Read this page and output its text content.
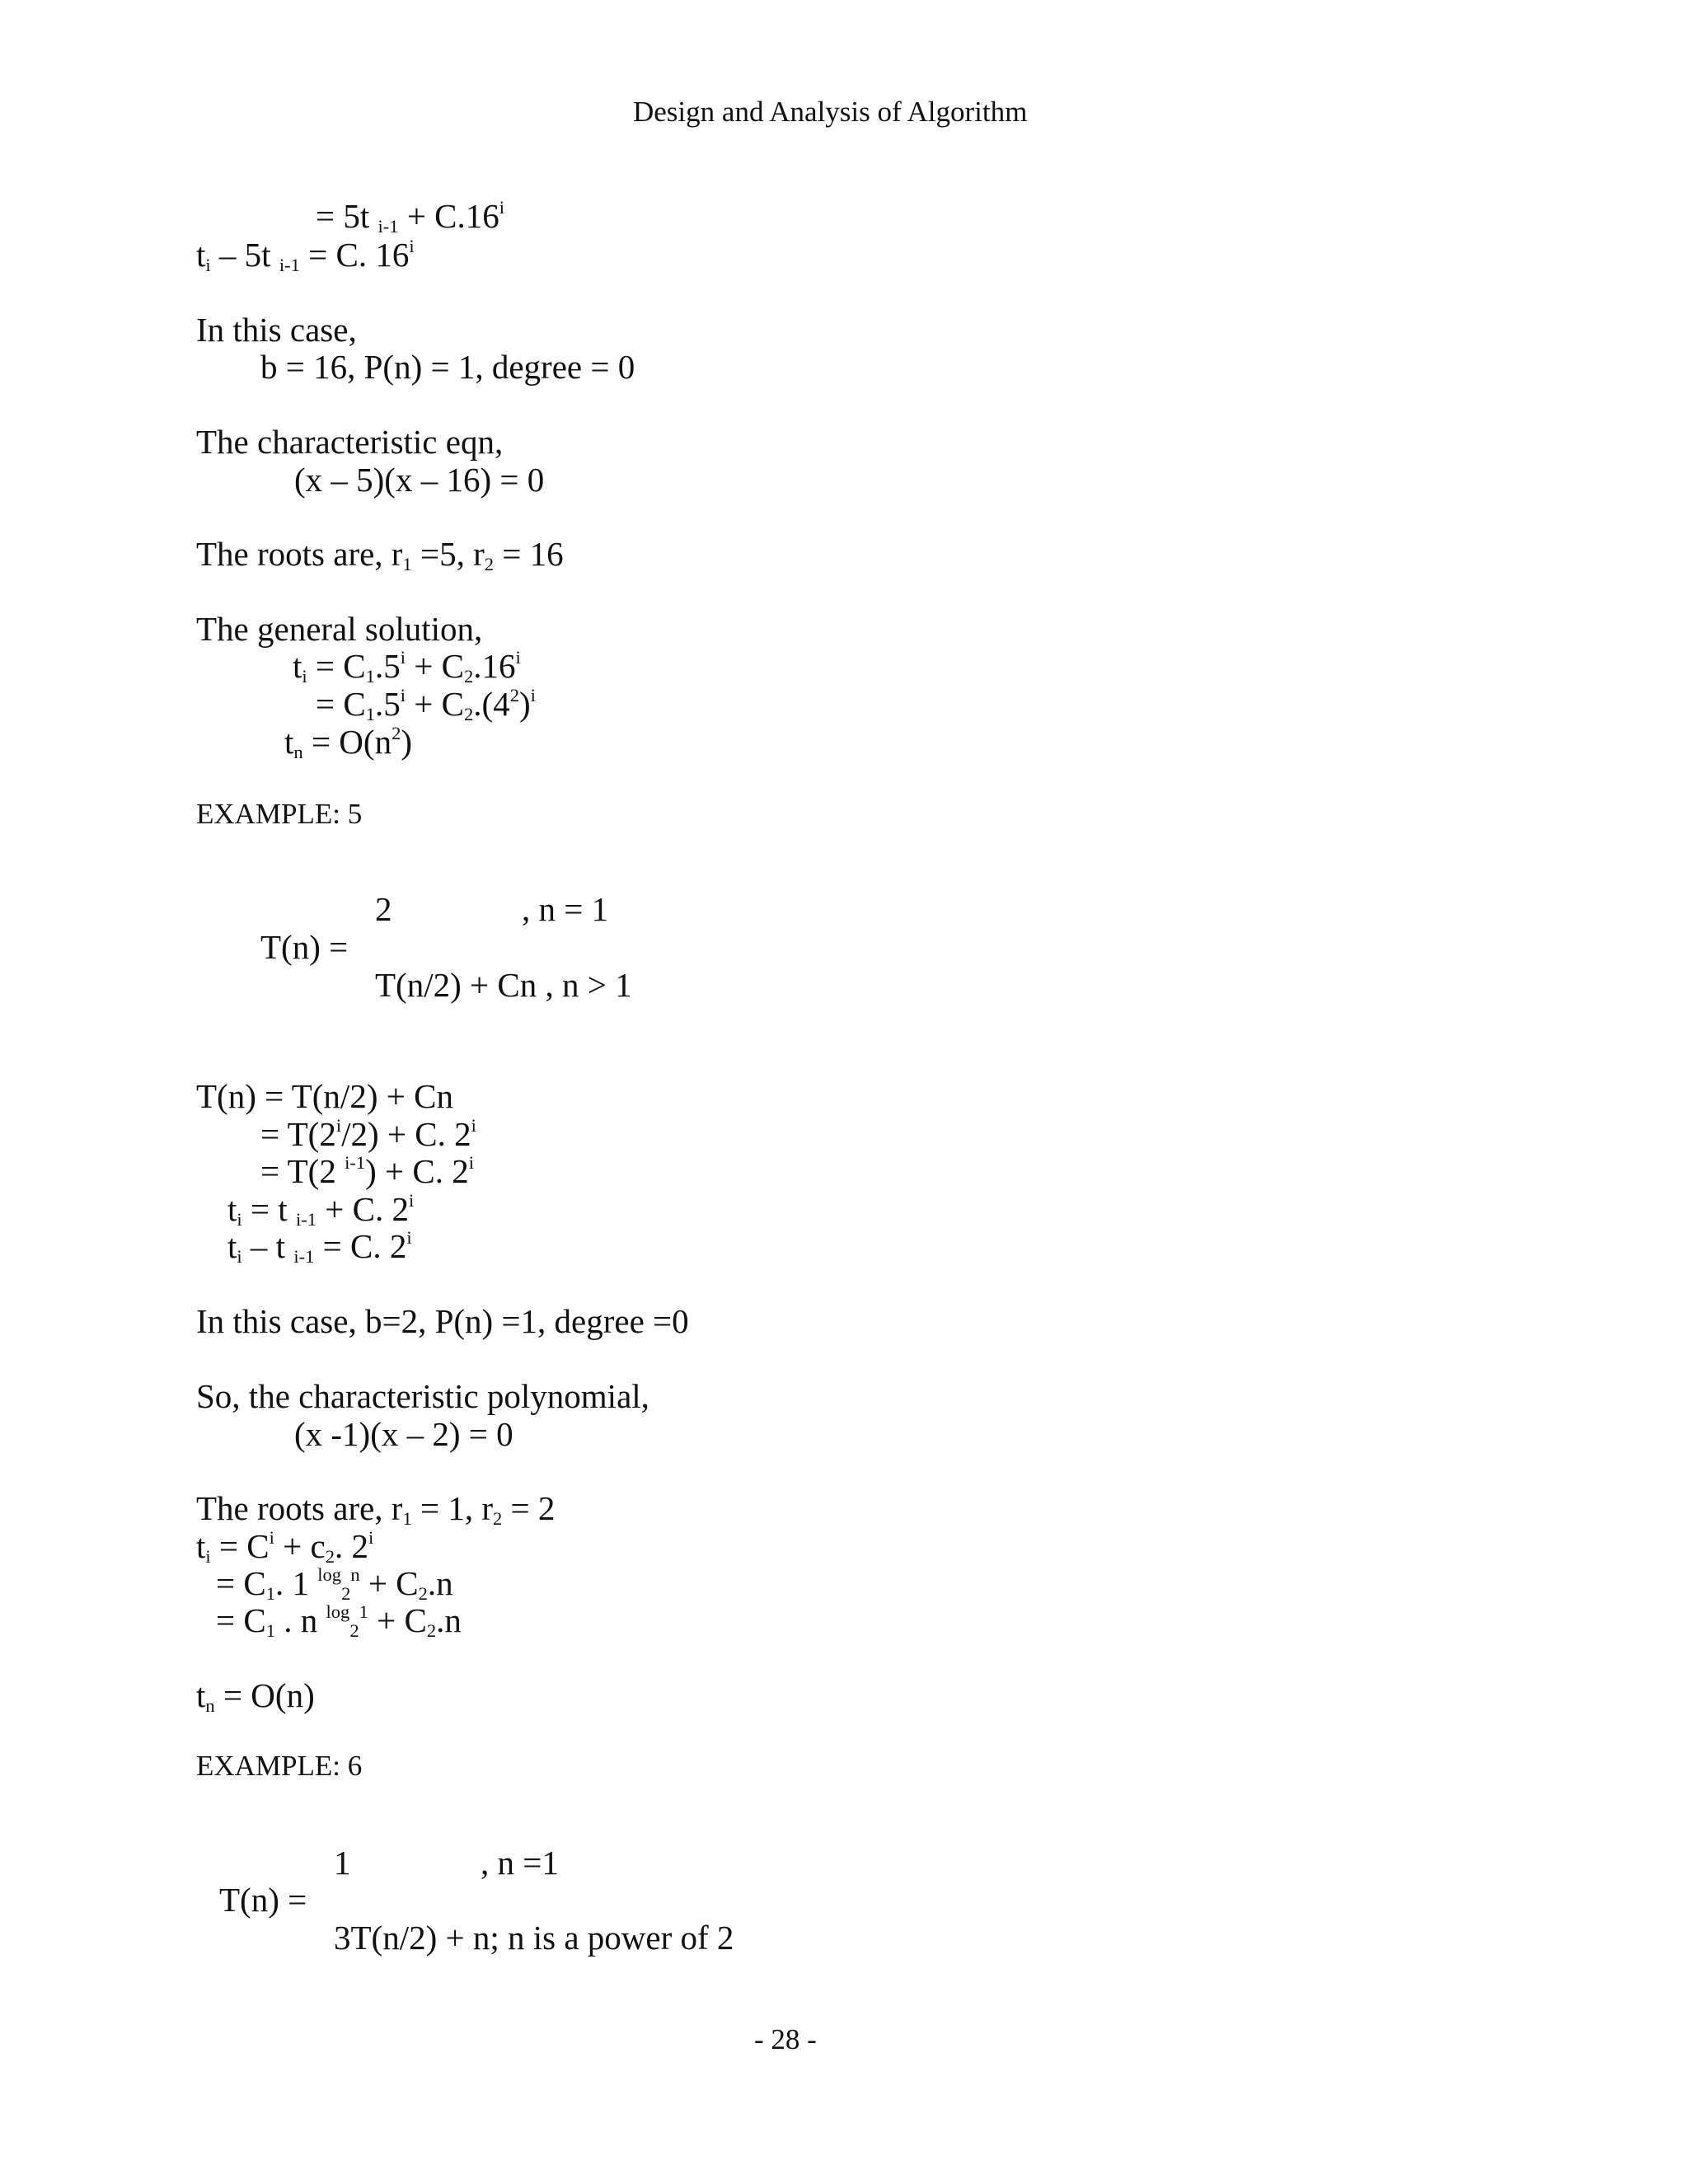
Design and Analysis of Algorithm
= 5t $_{i-1} + C.16^i$
$t_i - 5t$ $_{i-1}$ = C. 16$^i$
In this case,
b = 16, P(n) = 1, degree = 0
The characteristic eqn,
(x – 5)(x – 16) = 0
The roots are, $r_1 =5$, $r_2 = 16$
The general solution,
$t_i = C_1.5^i + C_2.16^i$
= $C_1.5^i + C_2.(4^2)^i$
$t_n = O(n^2)$
EXAMPLE: 5
2	, n = 1
T(n) =
T(n/2) + Cn , n > 1
T(n) = T(n/2) + Cn
= $T(2^i/2) + C$. $2^i$
= T(2 $^{i-1}$) + C. 2$^i$
$t_i = t$ $_{i-1}$ + C. 2$^i$
$t_i$ – t $_{i-1}$ = C. 2$^i$
In this case, b=2, P(n) =1, degree =0
So, the characteristic polynomial,
(x -1)(x – 2) = 0
The roots are, $r_1 = 1$, $r_2 = 2$
$t_i = C^i + c_2$. $2^i$
= $C_1$. 1 $^{log}_2^n + C_2.n$
= $C_1$ . n $^{log}_2^1 + C_2.n$
$t_n = O(n)$
EXAMPLE: 6
1	, n =1
T(n) =
3T(n/2) + n; n is a power of 2
- 28 -
